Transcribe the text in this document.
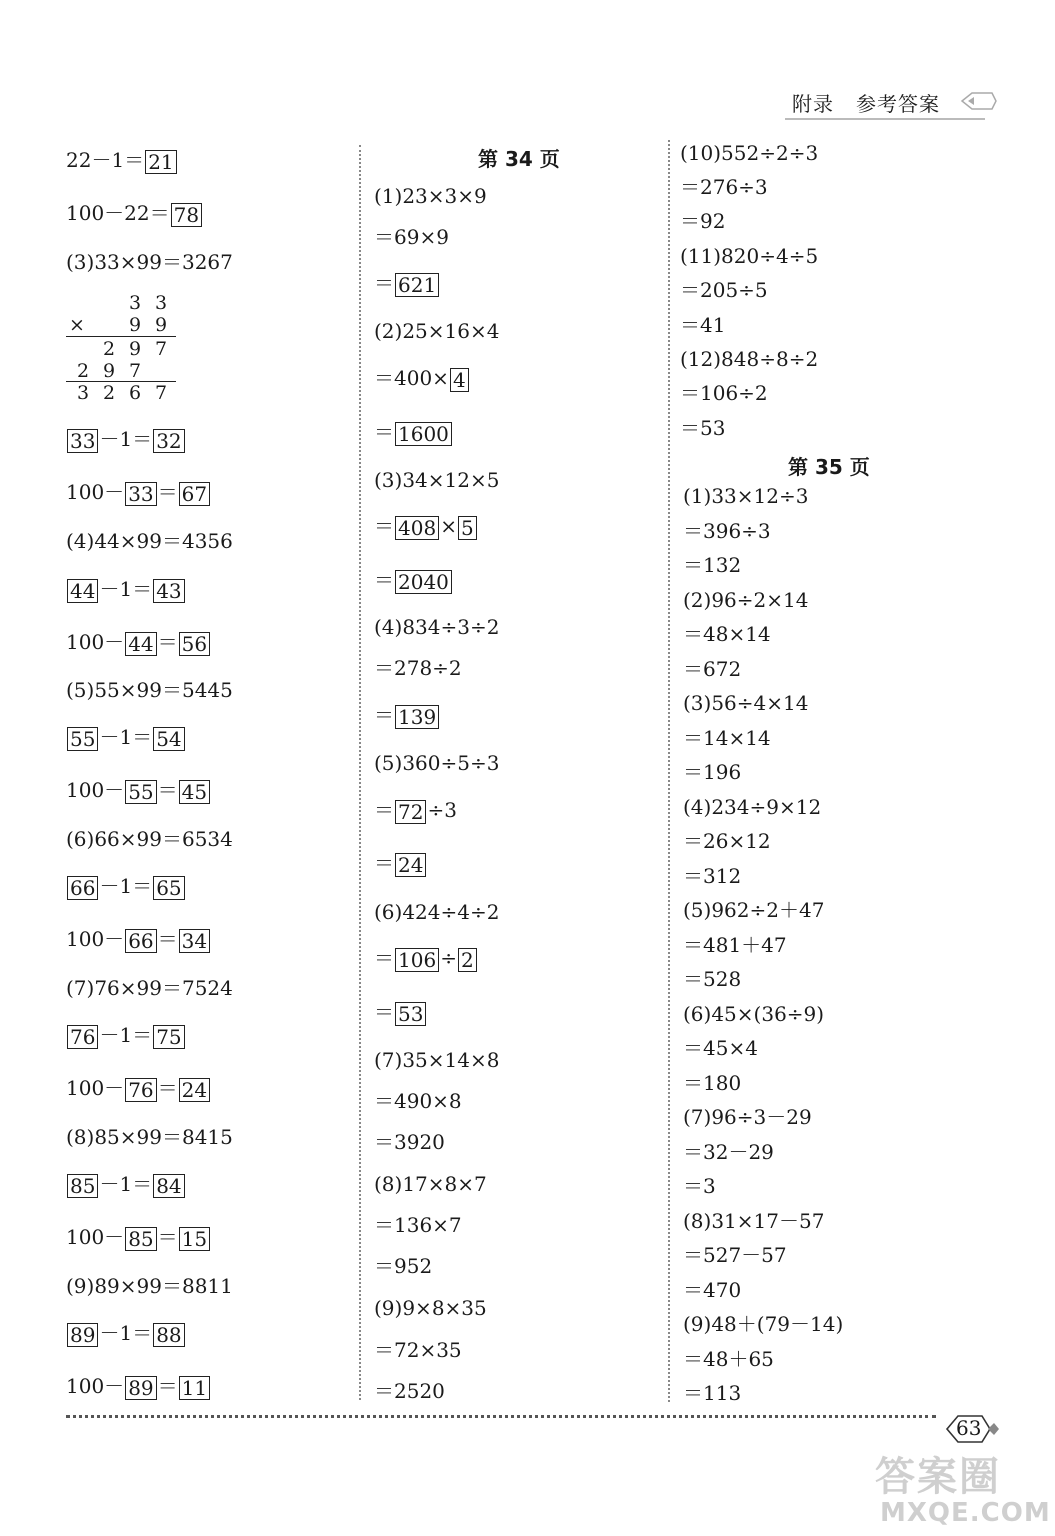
附录 参考答案
22－1＝ 21
100－22＝ 78
(3)33×99＝3267
33 －1＝ 32
100－ 33 ＝ 67
(4)44×99＝4356
44 －1＝ 43
100－ 44 ＝ 56
(5)55×99＝5445
55 －1＝ 54
100－ 55 ＝ 45
(6)66×99＝6534
66 －1＝ 65
100－ 66 ＝ 34
(7)76×99＝7524
76 －1＝ 75
100－ 76 ＝ 24
(8)85×99＝8415
85 －1＝ 84
100－ 85 ＝ 15
(9)89×99＝8811
89 －1＝ 88
100－ 89 ＝ 11
3 3
× 9 9
2 9 7
2 9 7
3 2 6 7
第 34 页
(1)23×3×9
＝69×9
＝ 621
(2)25×16×4
＝400× 4
＝ 1600
(3)34×12×5
＝ 408 × 5
＝ 2040
(4)834÷3÷2
＝278÷2
＝ 139
(5)360÷5÷3
＝ 72 ÷3
＝ 24
(6)424÷4÷2
＝ 106 ÷ 2
＝ 53
(7)35×14×8
＝490×8
＝3920
(8)17×8×7
＝136×7
＝952
(9)9×8×35
＝72×35
＝2520
(10)552÷2÷3
＝276÷3
＝92
(11)820÷4÷5
＝205÷5
＝41
(12)848÷8÷2
＝106÷2
＝53
(1)33×12÷3
＝396÷3
＝132
(2)96÷2×14
＝48×14
＝672
(3)56÷4×14
＝14×14
＝196
(4)234÷9×12
＝26×12
＝312
(5)962÷2＋47
＝481＋47
＝528
(6)45×(36÷9)
＝45×4
＝180
(7)96÷3－29
＝32－29
＝3
(8)31×17－57
＝527－57
＝470
(9)48＋(79－14)
＝48＋65
＝113
第 35 页
63
答案圈
MXQE.COM
